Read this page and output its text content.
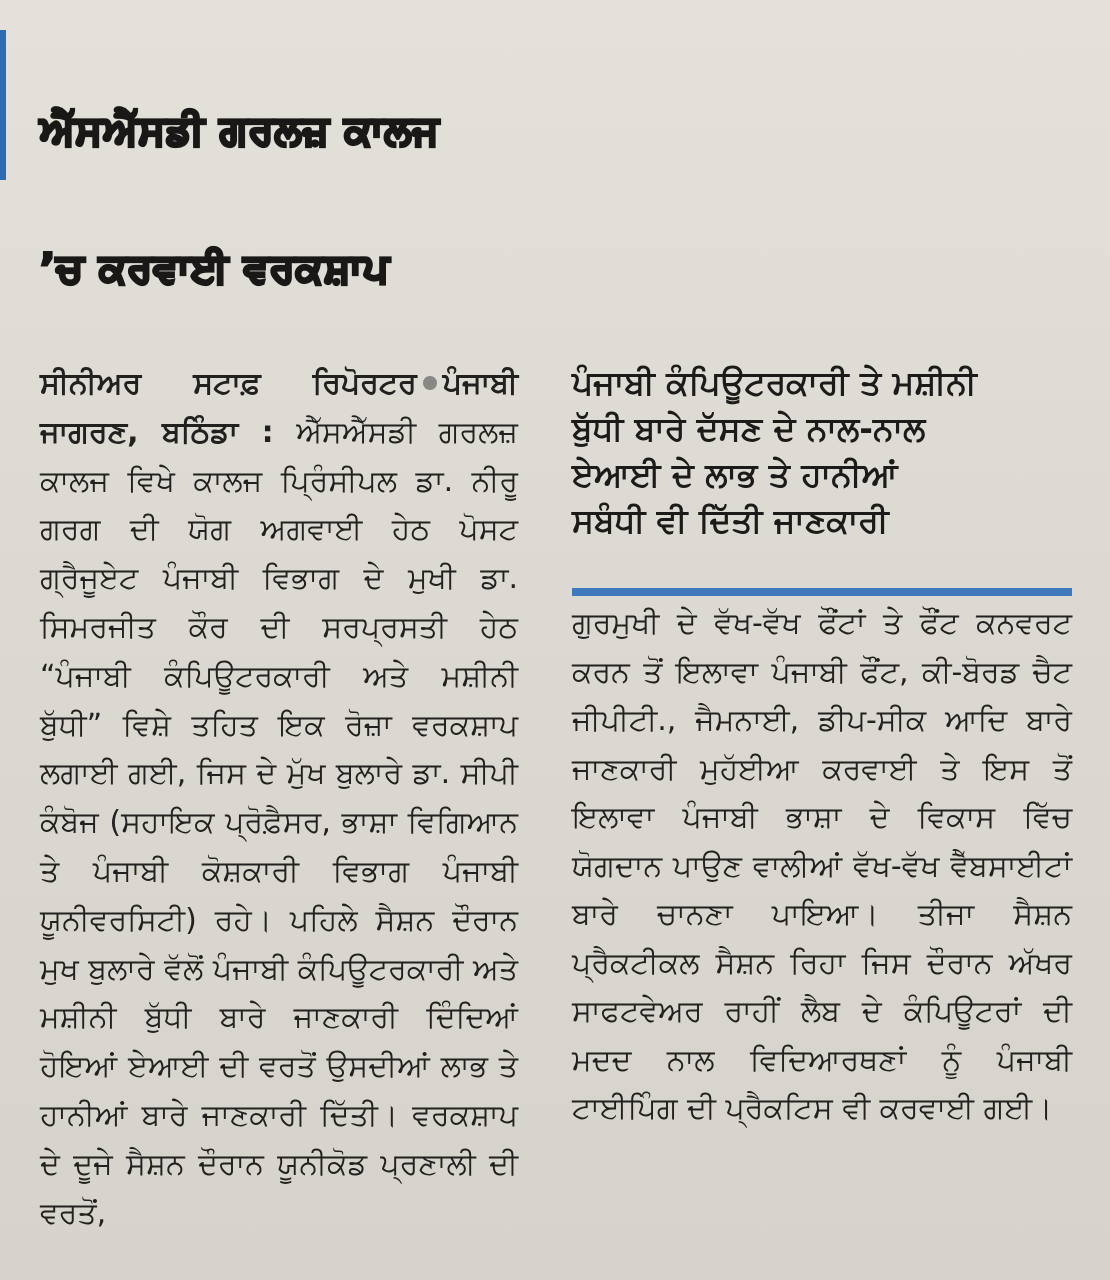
ਐੱਸਐੱਸਡੀ ਗਰਲਜ਼ ਕਾਲਜ
’ਚ ਕਰਵਾਈ ਵਰਕਸ਼ਾਪ
ਸੀਨੀਅਰ ਸਟਾਫ਼ ਰਿਪੋਰਟਰ ਪੰਜਾਬੀ ਜਾਗਰਣ, ਬਠਿੰਡਾ : ਐੱਸਐੱਸਡੀ ਗਰਲਜ਼ ਕਾਲਜ ਵਿਖੇ ਕਾਲਜ ਪ੍ਰਿੰਸੀਪਲ ਡਾ. ਨੀਰੂ ਗਰਗ ਦੀ ਯੋਗ ਅਗਵਾਈ ਹੇਠ ਪੋਸਟ ਗ੍ਰੈਜੂਏਟ ਪੰਜਾਬੀ ਵਿਭਾਗ ਦੇ ਮੁਖੀ ਡਾ. ਸਿਮਰਜੀਤ ਕੌਰ ਦੀ ਸਰਪ੍ਰਸਤੀ ਹੇਠ “ਪੰਜਾਬੀ ਕੰਪਿਊਟਰਕਾਰੀ ਅਤੇ ਮਸ਼ੀਨੀ ਬੁੱਧੀ” ਵਿਸ਼ੇ ਤਹਿਤ ਇਕ ਰੋਜ਼ਾ ਵਰਕਸ਼ਾਪ ਲਗਾਈ ਗਈ, ਜਿਸ ਦੇ ਮੁੱਖ ਬੁਲਾਰੇ ਡਾ. ਸੀਪੀ ਕੰਬੋਜ (ਸਹਾਇਕ ਪ੍ਰੋਫ਼ੈਸਰ, ਭਾਸ਼ਾ ਵਿਗਿਆਨ ਤੇ ਪੰਜਾਬੀ ਕੋਸ਼ਕਾਰੀ ਵਿਭਾਗ ਪੰਜਾਬੀ ਯੂਨੀਵਰਸਿਟੀ) ਰਹੇ। ਪਹਿਲੇ ਸੈਸ਼ਨ ਦੌਰਾਨ ਮੁਖ ਬੁਲਾਰੇ ਵੱਲੋਂ ਪੰਜਾਬੀ ਕੰਪਿਊਟਰਕਾਰੀ ਅਤੇ ਮਸ਼ੀਨੀ ਬੁੱਧੀ ਬਾਰੇ ਜਾਣਕਾਰੀ ਦਿੰਦਿਆਂ ਹੋਇਆਂ ਏਆਈ ਦੀ ਵਰਤੋਂ ਉਸਦੀਆਂ ਲਾਭ ਤੇ ਹਾਨੀਆਂ ਬਾਰੇ ਜਾਣਕਾਰੀ ਦਿੱਤੀ। ਵਰਕਸ਼ਾਪ ਦੇ ਦੂਜੇ ਸੈਸ਼ਨ ਦੌਰਾਨ ਯੂਨੀਕੋਡ ਪ੍ਰਣਾਲੀ ਦੀ ਵਰਤੋਂ,
ਪੰਜਾਬੀ ਕੰਪਿਊਟਰਕਾਰੀ ਤੇ ਮਸ਼ੀਨੀ
ਬੁੱਧੀ ਬਾਰੇ ਦੱਸਣ ਦੇ ਨਾਲ-ਨਾਲ
ਏਆਈ ਦੇ ਲਾਭ ਤੇ ਹਾਨੀਆਂ
ਸਬੰਧੀ ਵੀ ਦਿੱਤੀ ਜਾਣਕਾਰੀ
ਗੁਰਮੁਖੀ ਦੇ ਵੱਖ-ਵੱਖ ਫੌਂਟਾਂ ਤੇ ਫੌਂਟ ਕਨਵਰਟ ਕਰਨ ਤੋਂ ਇਲਾਵਾ ਪੰਜਾਬੀ ਫੌਂਟ, ਕੀ-ਬੋਰਡ ਚੈਟ ਜੀਪੀਟੀ., ਜੈਮਨਾਈ, ਡੀਪ-ਸੀਕ ਆਦਿ ਬਾਰੇ ਜਾਣਕਾਰੀ ਮੁਹੱਈਆ ਕਰਵਾਈ ਤੇ ਇਸ ਤੋਂ ਇਲਾਵਾ ਪੰਜਾਬੀ ਭਾਸ਼ਾ ਦੇ ਵਿਕਾਸ ਵਿੱਚ ਯੋਗਦਾਨ ਪਾਉਣ ਵਾਲੀਆਂ ਵੱਖ-ਵੱਖ ਵੈੱਬਸਾਈਟਾਂ ਬਾਰੇ ਚਾਨਣਾ ਪਾਇਆ। ਤੀਜਾ ਸੈਸ਼ਨ ਪ੍ਰੈਕਟੀਕਲ ਸੈਸ਼ਨ ਰਿਹਾ ਜਿਸ ਦੌਰਾਨ ਅੱਖਰ ਸਾਫਟਵੇਅਰ ਰਾਹੀਂ ਲੈਬ ਦੇ ਕੰਪਿਊਟਰਾਂ ਦੀ ਮਦਦ ਨਾਲ ਵਿਦਿਆਰਥਣਾਂ ਨੂੰ ਪੰਜਾਬੀ ਟਾਈਪਿੰਗ ਦੀ ਪ੍ਰੈਕਟਿਸ ਵੀ ਕਰਵਾਈ ਗਈ।
